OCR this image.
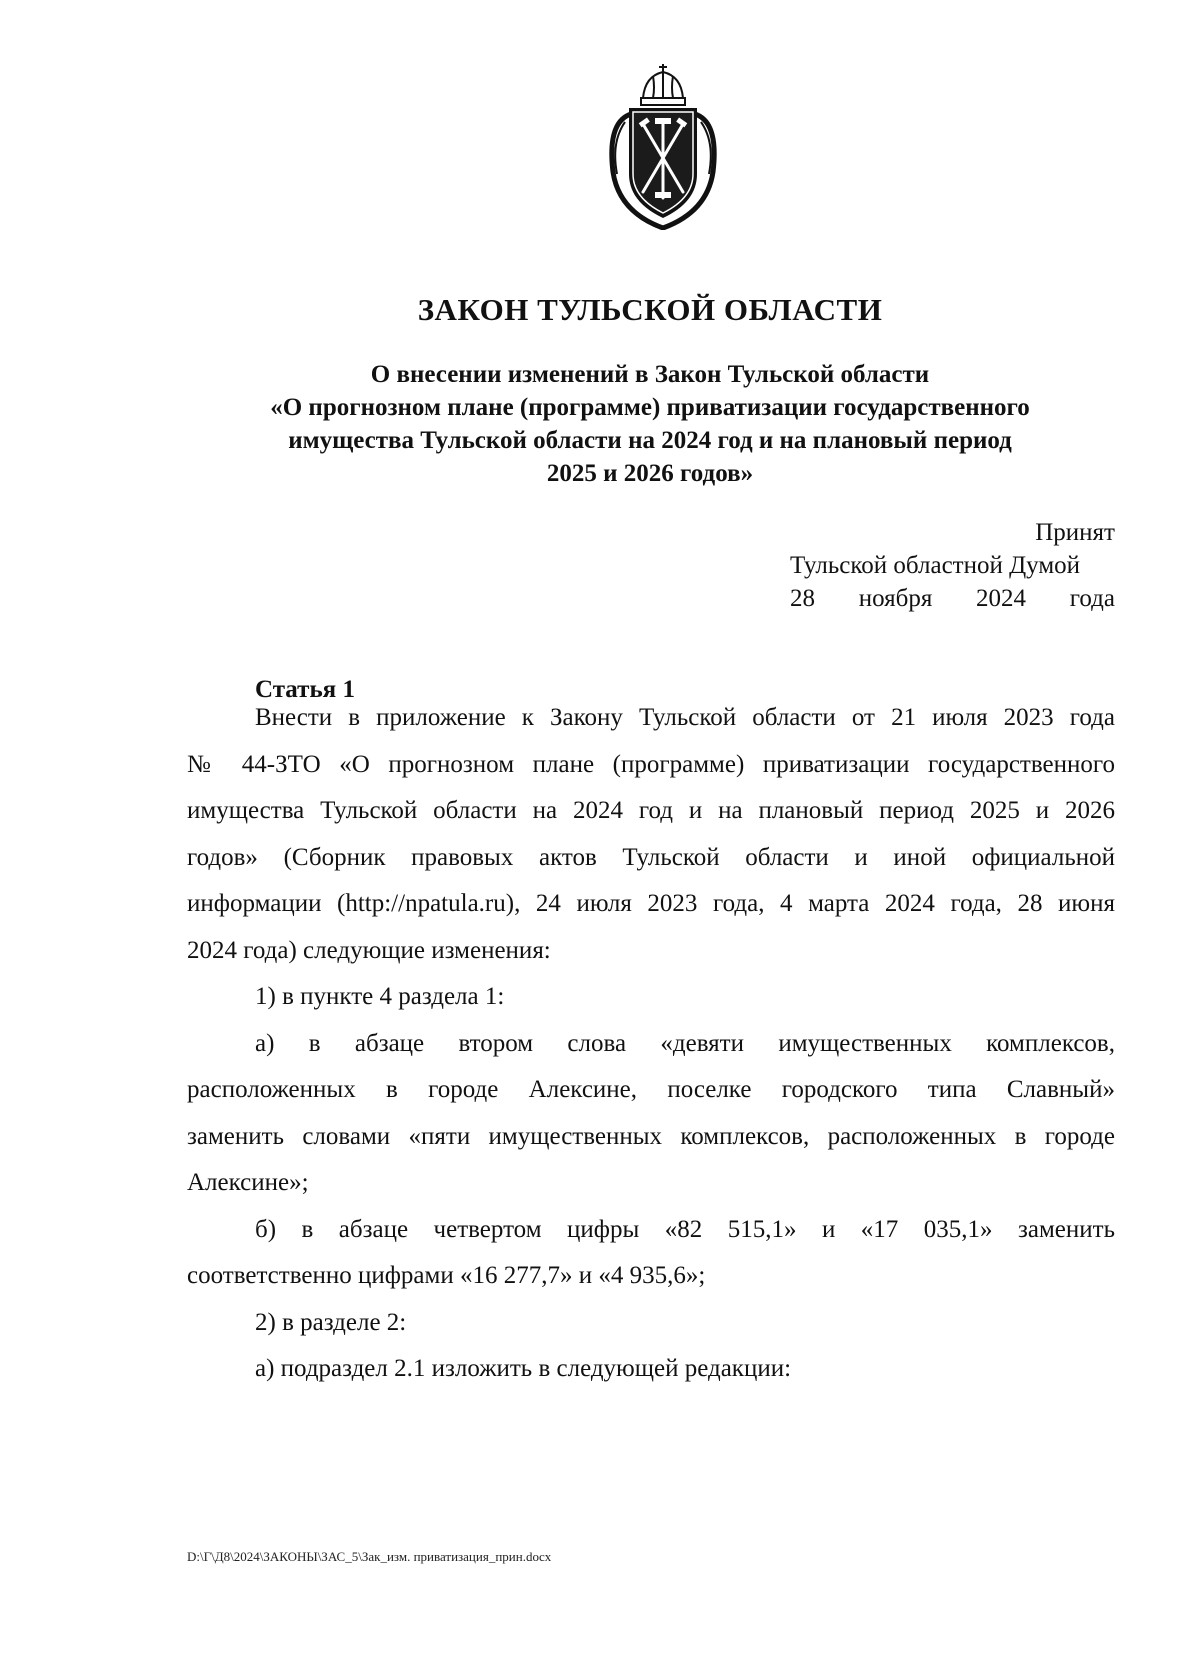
ЗАКОН ТУЛЬСКОЙ ОБЛАСТИ
О внесении изменений в Закон Тульской области
«О прогнозном плане (программе) приватизации государственного
имущества Тульской области на 2024 год и на плановый период
2025 и 2026 годов»
Принят
Тульской областной Думой
28 ноября 2024 года
Статья 1
Внести в приложение к Закону Тульской области от 21 июля 2023 года
№ 44-ЗТО «О прогнозном плане (программе) приватизации государственного
имущества Тульской области на 2024 год и на плановый период 2025 и 2026
годов» (Сборник правовых актов Тульской области и иной официальной
информации (http://npatula.ru), 24 июля 2023 года, 4 марта 2024 года, 28 июня
2024 года) следующие изменения:
1) в пункте 4 раздела 1:
а) в абзаце втором слова «девяти имущественных комплексов,
расположенных в городе Алексине, поселке городского типа Славный»
заменить словами «пяти имущественных комплексов, расположенных в городе
Алексине»;
б) в абзаце четвертом цифры «82 515,1» и «17 035,1» заменить
соответственно цифрами «16 277,7» и «4 935,6»;
2) в разделе 2:
а) подраздел 2.1 изложить в следующей редакции:
D:\Г\Д8\2024\ЗАКОНЫ\ЗАС_5\Зак_изм. приватизация_прин.docx
